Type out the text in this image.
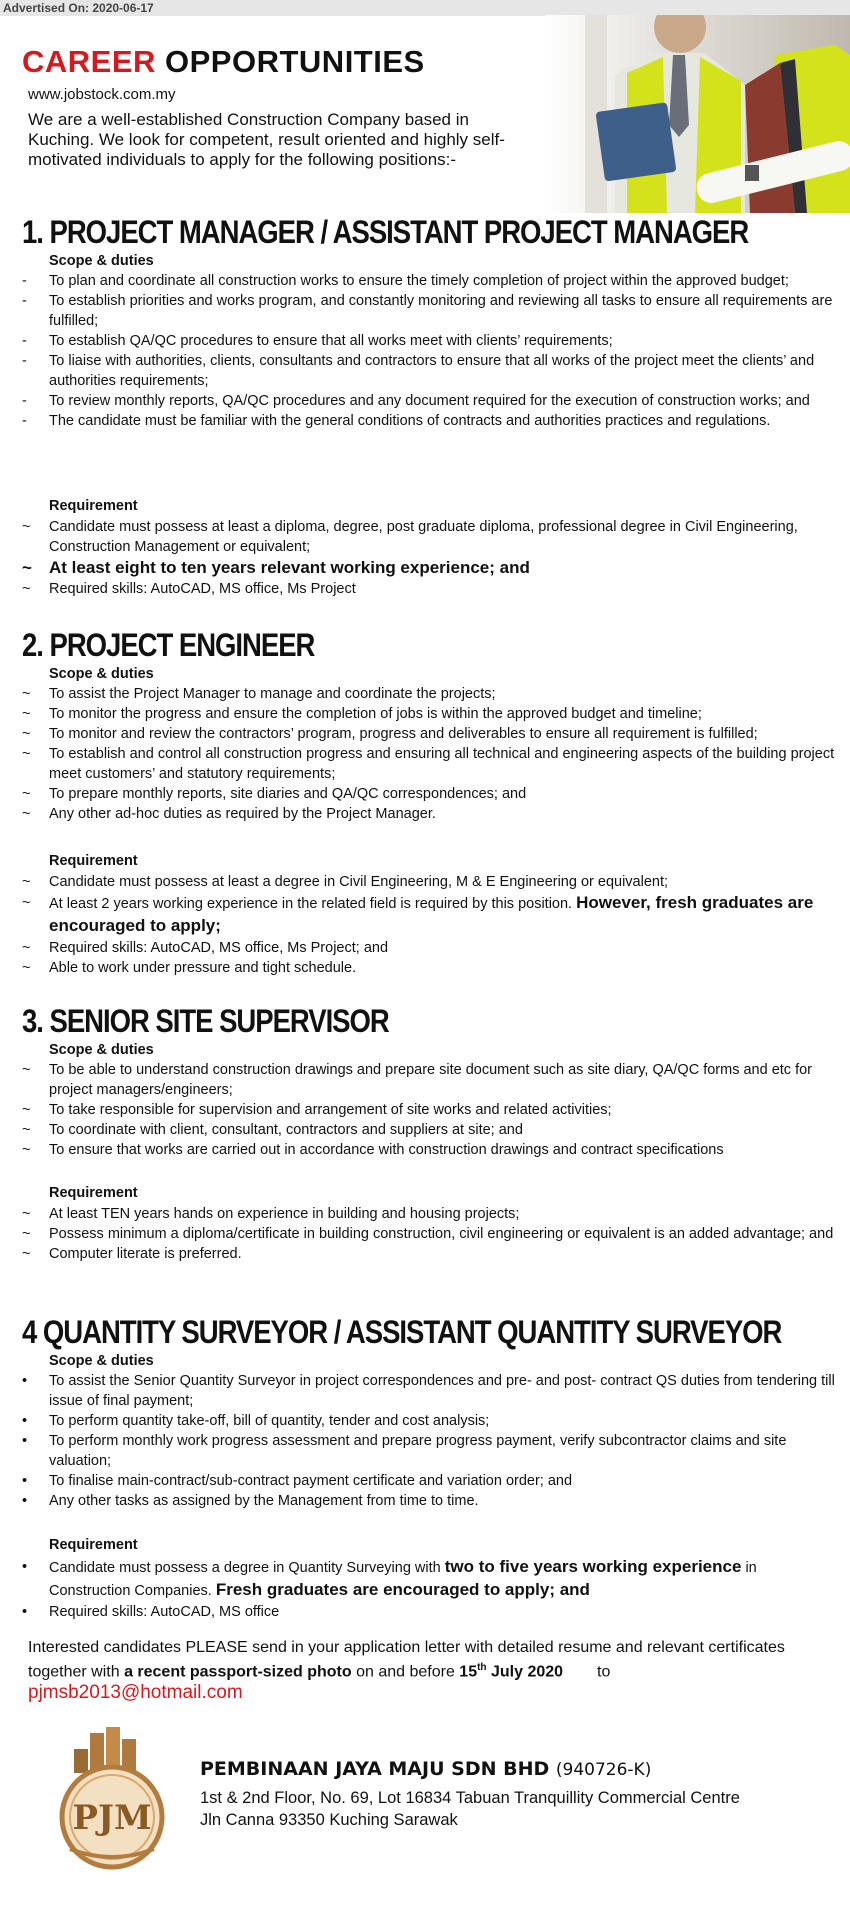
Advertised On: 2020-06-17
CAREER OPPORTUNITIES
www.jobstock.com.my
We are a well-established Construction Company based in Kuching. We look for competent, result oriented and highly self-motivated individuals to apply for the following positions:-
1. PROJECT MANAGER / ASSISTANT PROJECT MANAGER
Scope & duties
-	To plan and coordinate all construction works to ensure the timely completion of project within the approved budget;
-	To establish priorities and works program, and constantly monitoring and reviewing all tasks to ensure all requirements are fulfilled;
-	To establish QA/QC procedures to ensure that all works meet with clients’ requirements;
-	To liaise with authorities, clients, consultants and contractors to ensure that all works of the project meet the clients’ and authorities requirements;
-	To review monthly reports, QA/QC procedures and any document required for the execution of construction works; and
-	The candidate must be familiar with the general conditions of contracts and authorities practices and regulations.
Requirement
~	Candidate must possess at least a diploma, degree, post graduate diploma, professional degree in Civil Engineering, Construction Management or equivalent;
~	At least eight to ten years relevant working experience; and
~	Required skills: AutoCAD, MS office, Ms Project
2. PROJECT ENGINEER
Scope & duties
~	To assist the Project Manager to manage and coordinate the projects;
~	To monitor the progress and ensure the completion of jobs is within the approved budget and timeline;
~	To monitor and review the contractors’ program, progress and deliverables to ensure all requirement is fulfilled;
~	To establish and control all construction progress and ensuring all technical and engineering aspects of the building project meet customers’ and statutory requirements;
~	To prepare monthly reports, site diaries and QA/QC correspondences; and
~	Any other ad-hoc duties as required by the Project Manager.
Requirement
~	Candidate must possess at least a degree in Civil Engineering, M & E Engineering or equivalent;
~	At least 2 years working experience in the related field is required by this position. However, fresh graduates are encouraged to apply;
~	Required skills: AutoCAD, MS office, Ms Project; and
~	Able to work under pressure and tight schedule.
3. SENIOR SITE SUPERVISOR
Scope & duties
~	To be able to understand construction drawings and prepare site document such as site diary, QA/QC forms and etc for project managers/engineers;
~	To take responsible for supervision and arrangement of site works and related activities;
~	To coordinate with client, consultant, contractors and suppliers at site; and
~	To ensure that works are carried out in accordance with construction drawings and contract specifications
Requirement
~	At least TEN years hands on experience in building and housing projects;
~	Possess minimum a diploma/certificate in building construction, civil engineering or equivalent is an added advantage; and
~	Computer literate is preferred.
4 QUANTITY SURVEYOR / ASSISTANT QUANTITY SURVEYOR
Scope & duties
•	To assist the Senior Quantity Surveyor in project correspondences and pre- and post- contract QS duties from tendering till issue of final payment;
•	To perform quantity take-off, bill of quantity, tender and cost analysis;
•	To perform monthly work progress assessment and prepare progress payment, verify subcontractor claims and site valuation;
•	To finalise main-contract/sub-contract payment certificate and variation order; and
•	Any other tasks as assigned by the Management from time to time.
Requirement
•	Candidate must possess a degree in Quantity Surveying with two to five years working experience in Construction Companies. Fresh graduates are encouraged to apply; and
•	Required skills: AutoCAD, MS office
Interested candidates PLEASE send in your application letter with detailed resume and relevant certificates together with a recent passport-sized photo on and before 15th July 2020 to
pjmsb2013@hotmail.com
PJM
PEMBINAAN JAYA MAJU SDN BHD (940726-K)
1st & 2nd Floor, No. 69, Lot 16834 Tabuan Tranquillity Commercial Centre
Jln Canna 93350 Kuching Sarawak
